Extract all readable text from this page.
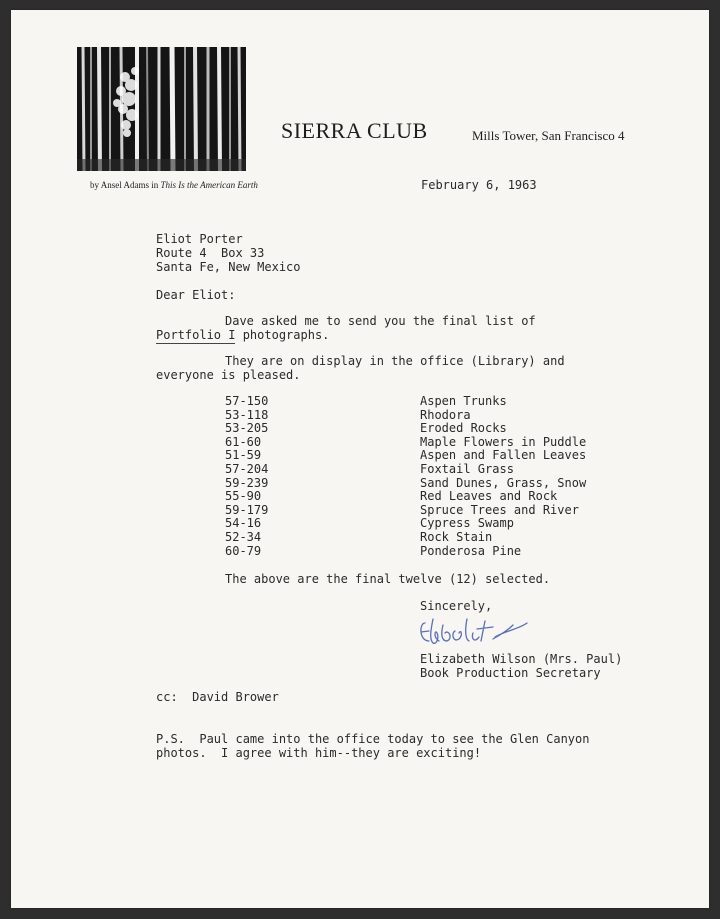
by Ansel Adams in This Is the American Earth
SIERRA CLUB	Mills Tower, San Francisco 4
February 6, 1963
Eliot Porter
Route 4  Box 33
Santa Fe, New Mexico
Dear Eliot:
Dave asked me to send you the final list of
Portfolio I photographs.
They are on display in the office (Library) and
everyone is pleased.
57-150	Aspen Trunks
53-118	Rhodora
53-205	Eroded Rocks
61-60	Maple Flowers in Puddle
51-59	Aspen and Fallen Leaves
57-204	Foxtail Grass
59-239	Sand Dunes, Grass, Snow
55-90	Red Leaves and Rock
59-179	Spruce Trees and River
54-16	Cypress Swamp
52-34	Rock Stain
60-79	Ponderosa Pine
The above are the final twelve (12) selected.
Sincerely,
Elizabeth Wilson (Mrs. Paul)
Book Production Secretary
cc:  David Brower
P.S.  Paul came into the office today to see the Glen Canyon
photos.  I agree with him--they are exciting!
